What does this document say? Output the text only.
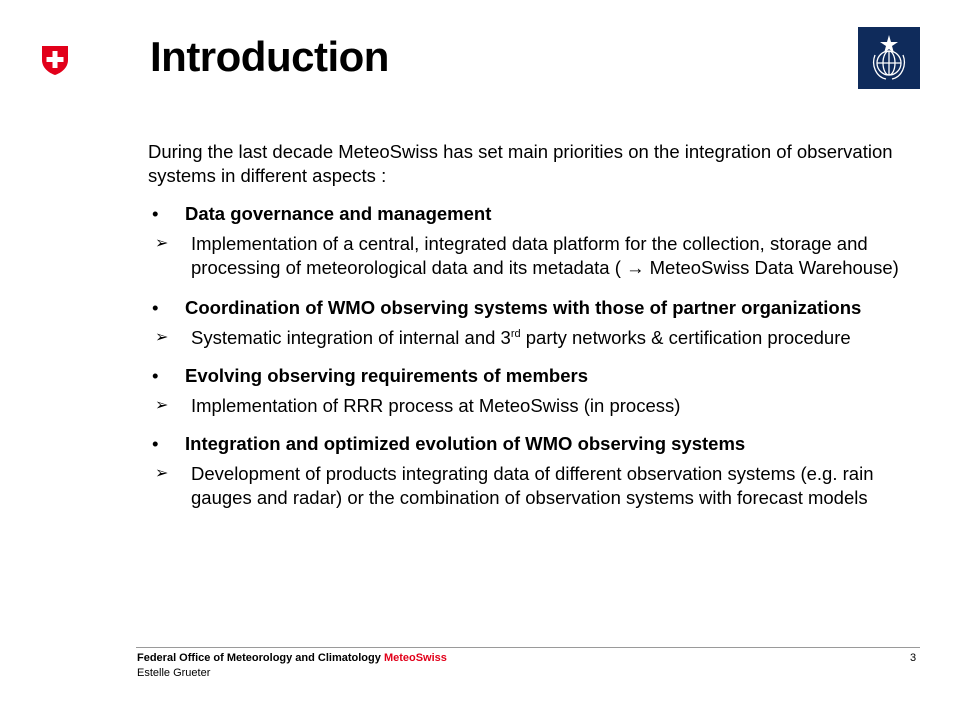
Introduction

During the last decade MeteoSwiss has set main priorities on the integration of observation systems in different aspects :

• Data governance and management
➢ Implementation of a central, integrated data platform for the collection, storage and processing of meteorological data and its metadata ( → MeteoSwiss Data Warehouse)
• Coordination of WMO observing systems with those of partner organizations
➢ Systematic integration of internal and 3rd party networks & certification procedure
• Evolving observing requirements of members
➢ Implementation of RRR process at MeteoSwiss (in process)
• Integration and optimized evolution of WMO observing systems
➢ Development of products integrating data of different observation systems (e.g. rain gauges and radar) or the combination of observation systems with forecast models
Federal Office of Meteorology and Climatology MeteoSwiss
Estelle Grueter
3
